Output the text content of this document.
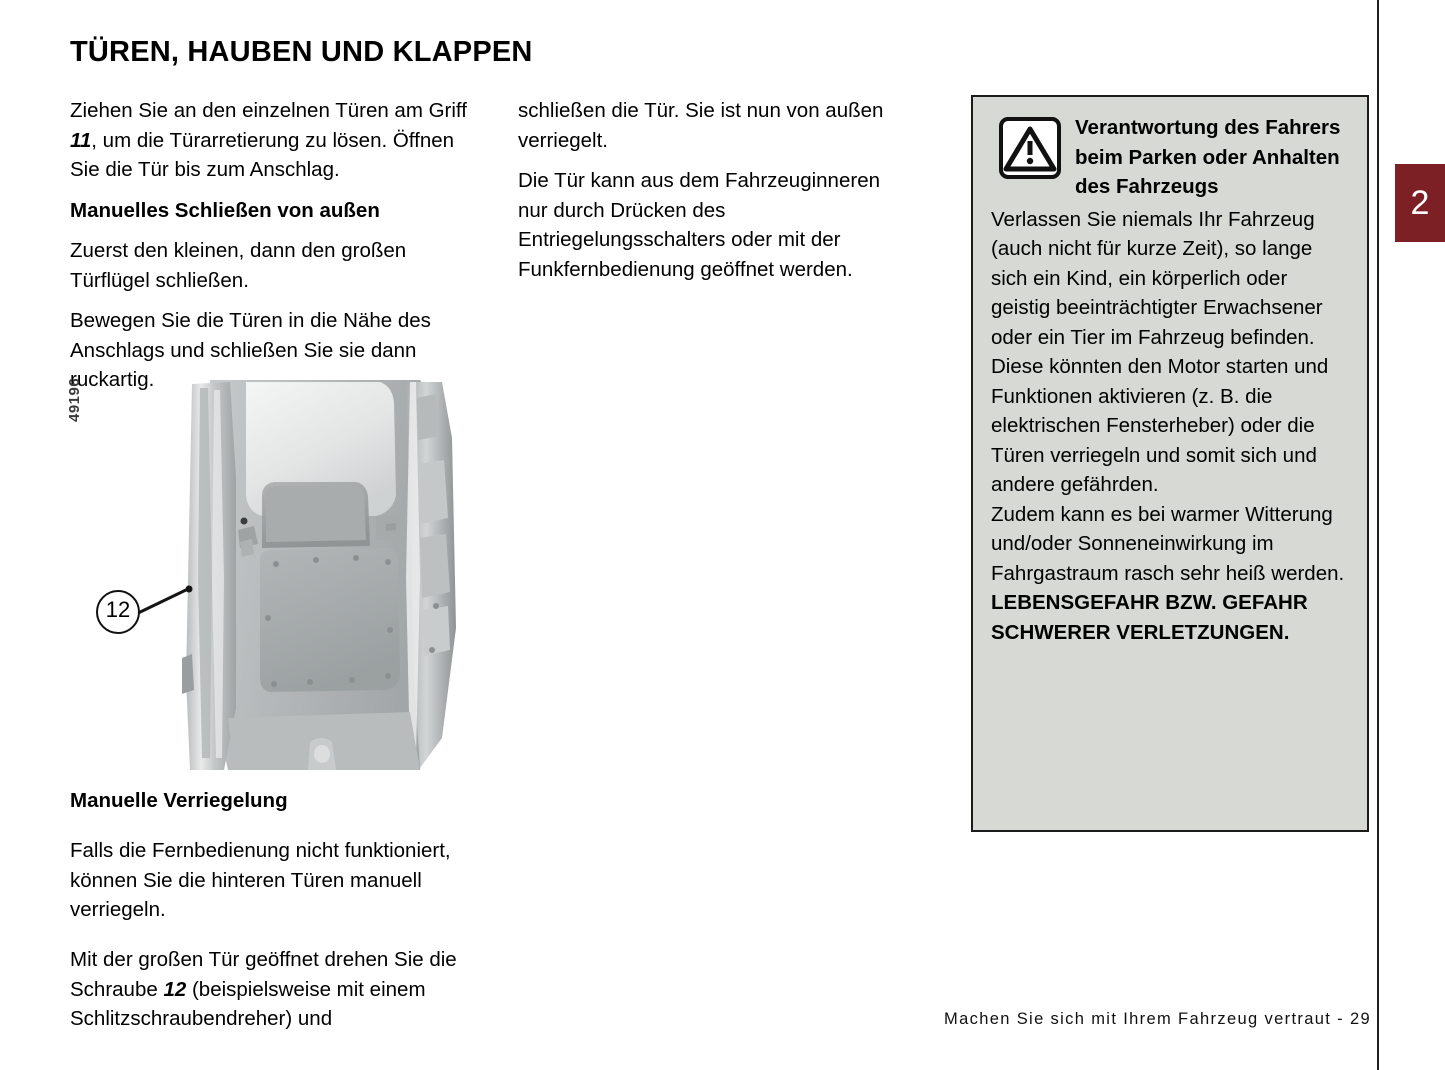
TÜREN, HAUBEN UND KLAPPEN

Ziehen Sie an den einzelnen Türen am Griff 11, um die Türarretierung zu lösen. Öffnen Sie die Tür bis zum Anschlag.

Manuelles Schließen von außen

Zuerst den kleinen, dann den großen Türflügel schließen.

Bewegen Sie die Türen in die Nähe des Anschlags und schließen Sie sie dann ruckartig.

schließen die Tür. Sie ist nun von außen verriegelt.

Die Tür kann aus dem Fahrzeuginneren nur durch Drücken des Entriegelungsschalters oder mit der Funkfernbedienung geöffnet werden.

49196
12
Manuelle Verriegelung

Falls die Fernbedienung nicht funktioniert, können Sie die hinteren Türen manuell verriegeln.

Mit der großen Tür geöffnet drehen Sie die Schraube 12 (beispielsweise mit einem Schlitzschraubendreher) und

Verantwortung des Fahrers beim Parken oder Anhalten des Fahrzeugs

Verlassen Sie niemals Ihr Fahrzeug (auch nicht für kurze Zeit), so lange sich ein Kind, ein körperlich oder geistig beeinträchtigter Erwachsener oder ein Tier im Fahrzeug befinden.

Diese könnten den Motor starten und Funktionen aktivieren (z. B. die elektrischen Fensterheber) oder die Türen verriegeln und somit sich und andere gefährden.

Zudem kann es bei warmer Witterung und/oder Sonneneinwirkung im Fahrgastraum rasch sehr heiß werden.

LEBENSGEFAHR BZW. GEFAHR SCHWERER VERLETZUNGEN.

2
Machen Sie sich mit Ihrem Fahrzeug vertraut - 29
